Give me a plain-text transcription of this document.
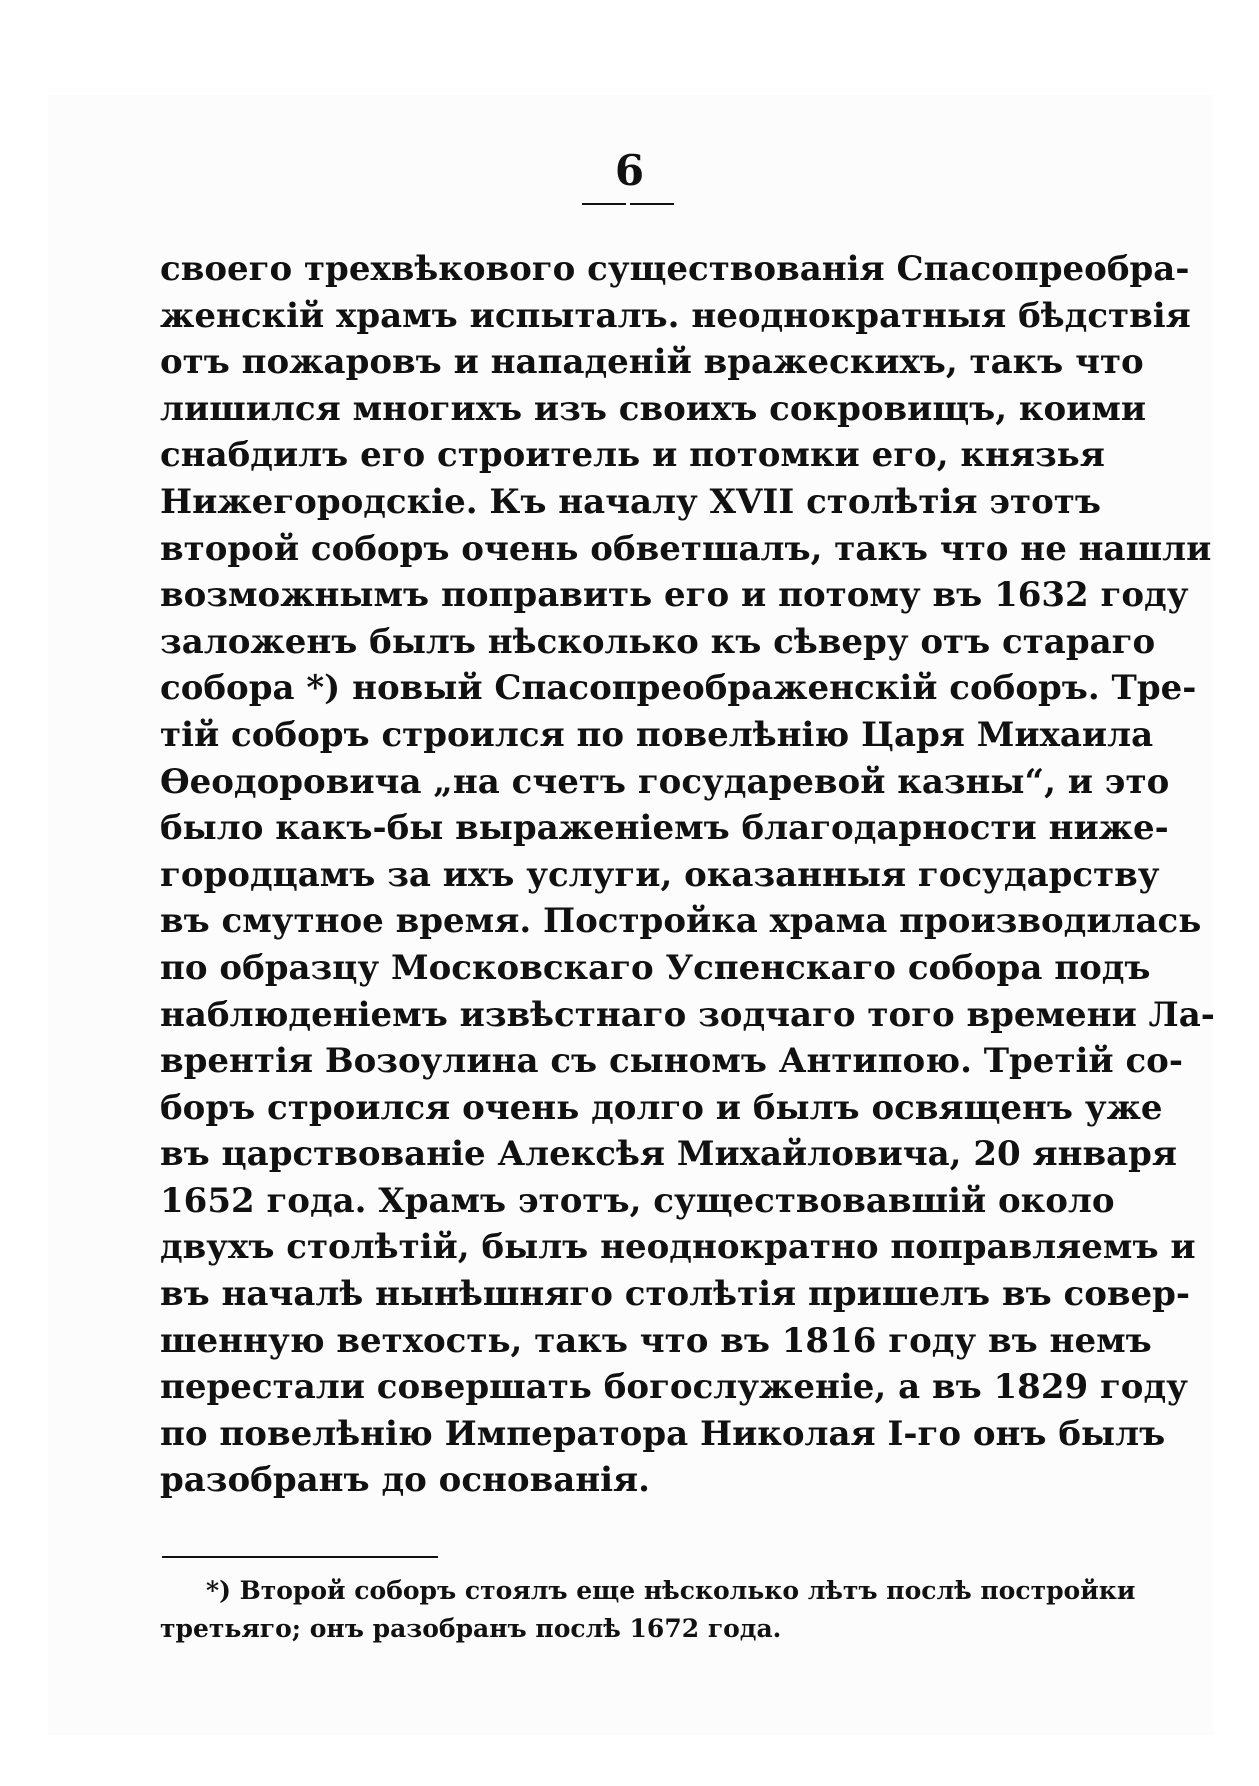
6
своего трехвѣкового существованія Спасопреобра-
женскій храмъ испыталъ. неоднократныя бѣдствія
отъ пожаровъ и нападеній вражескихъ, такъ что
лишился многихъ изъ своихъ сокровищъ, коими
снабдилъ его строитель и потомки его, князья
Нижегородскіе. Къ началу XVII столѣтія этотъ
второй соборъ очень обветшалъ, такъ что не нашли
возможнымъ поправить его и потому въ 1632 году
заложенъ былъ нѣсколько къ сѣверу отъ стараго
собора *) новый Спасопреображенскій соборъ. Тре-
тій соборъ строился по повелѣнію Царя Михаила
Ѳеодоровича „на счетъ государевой казны“, и это
было какъ-бы выраженіемъ благодарности ниже-
городцамъ за ихъ услуги, оказанныя государству
въ смутное время. Постройка храма производилась
по образцу Московскаго Успенскаго собора подъ
наблюденіемъ извѣстнаго зодчаго того времени Ла-
врентія Возоулина съ сыномъ Антипою. Третій со-
боръ строился очень долго и былъ освященъ уже
въ царствованіе Алексѣя Михайловича, 20 января
1652 года. Храмъ этотъ, существовавшій около
двухъ столѣтій, былъ неоднократно поправляемъ и
въ началѣ нынѣшняго столѣтія пришелъ въ совер-
шенную ветхость, такъ что въ 1816 году въ немъ
перестали совершать богослуженіе, а въ 1829 году
по повелѣнію Императора Николая I-го онъ былъ
разобранъ до основанія.
*) Второй соборъ стоялъ еще нѣсколько лѣтъ послѣ постройки
третьяго; онъ разобранъ послѣ 1672 года.
